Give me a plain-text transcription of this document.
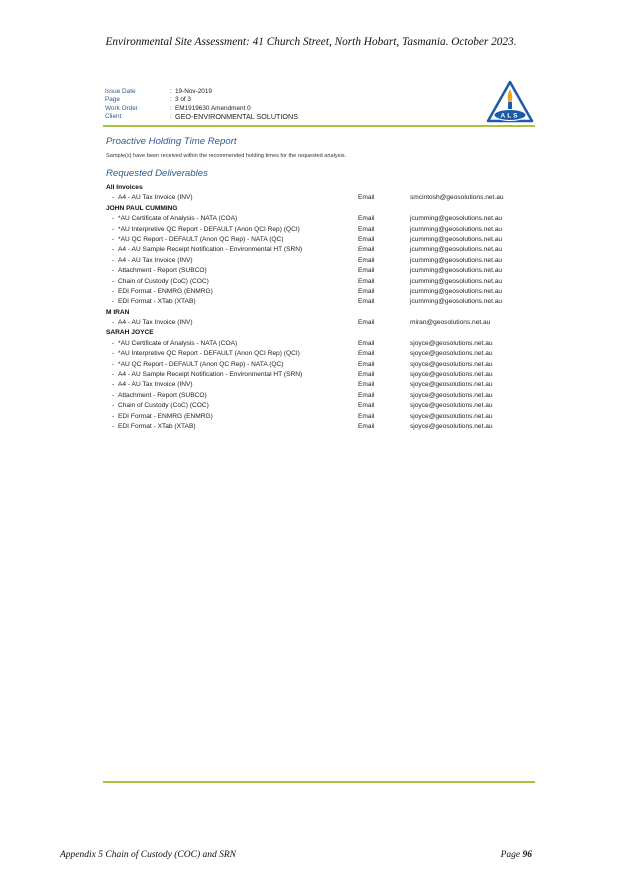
Environmental Site Assessment: 41 Church Street, North Hobart, Tasmania. October 2023.
Issue Date	: 19-Nov-2019
Page	: 3 of 3
Work Order	: EM1919630 Amendment 0
Client	: GEO-ENVIRONMENTAL SOLUTIONS	ALS
Proactive Holding Time Report
Sample(s) have been received within the recommended holding times for the requested analysis.
Requested Deliverables
All Invoices
- A4 - AU Tax Invoice (INV)	Email	smcintosh@geosolutions.net.au
JOHN PAUL CUMMING
- *AU Certificate of Analysis - NATA (COA)	Email	jcumming@geosolutions.net.au
- *AU Interpretive QC Report - DEFAULT (Anon QCI Rep) (QCI)	Email	jcumming@geosolutions.net.au
- *AU QC Report - DEFAULT (Anon QC Rep) - NATA (QC)	Email	jcumming@geosolutions.net.au
- A4 - AU Sample Receipt Notification - Environmental HT (SRN)	Email	jcumming@geosolutions.net.au
- A4 - AU Tax Invoice (INV)	Email	jcumming@geosolutions.net.au
- Attachment - Report (SUBCO)	Email	jcumming@geosolutions.net.au
- Chain of Custody (CoC) (COC)	Email	jcumming@geosolutions.net.au
- EDI Format - ENMRG (ENMRG)	Email	jcumming@geosolutions.net.au
- EDI Format - XTab (XTAB)	Email	jcumming@geosolutions.net.au
M IRAN
- A4 - AU Tax Invoice (INV)	Email	miran@geosolutions.net.au
SARAH JOYCE
- *AU Certificate of Analysis - NATA (COA)	Email	sjoyce@geosolutions.net.au
- *AU Interpretive QC Report - DEFAULT (Anon QCI Rep) (QCI)	Email	sjoyce@geosolutions.net.au
- *AU QC Report - DEFAULT (Anon QC Rep) - NATA (QC)	Email	sjoyce@geosolutions.net.au
- A4 - AU Sample Receipt Notification - Environmental HT (SRN)	Email	sjoyce@geosolutions.net.au
- A4 - AU Tax Invoice (INV)	Email	sjoyce@geosolutions.net.au
- Attachment - Report (SUBCO)	Email	sjoyce@geosolutions.net.au
- Chain of Custody (CoC) (COC)	Email	sjoyce@geosolutions.net.au
- EDI Format - ENMRG (ENMRG)	Email	sjoyce@geosolutions.net.au
- EDI Format - XTab (XTAB)	Email	sjoyce@geosolutions.net.au
Appendix 5 Chain of Custody (COC) and SRN	Page 96
